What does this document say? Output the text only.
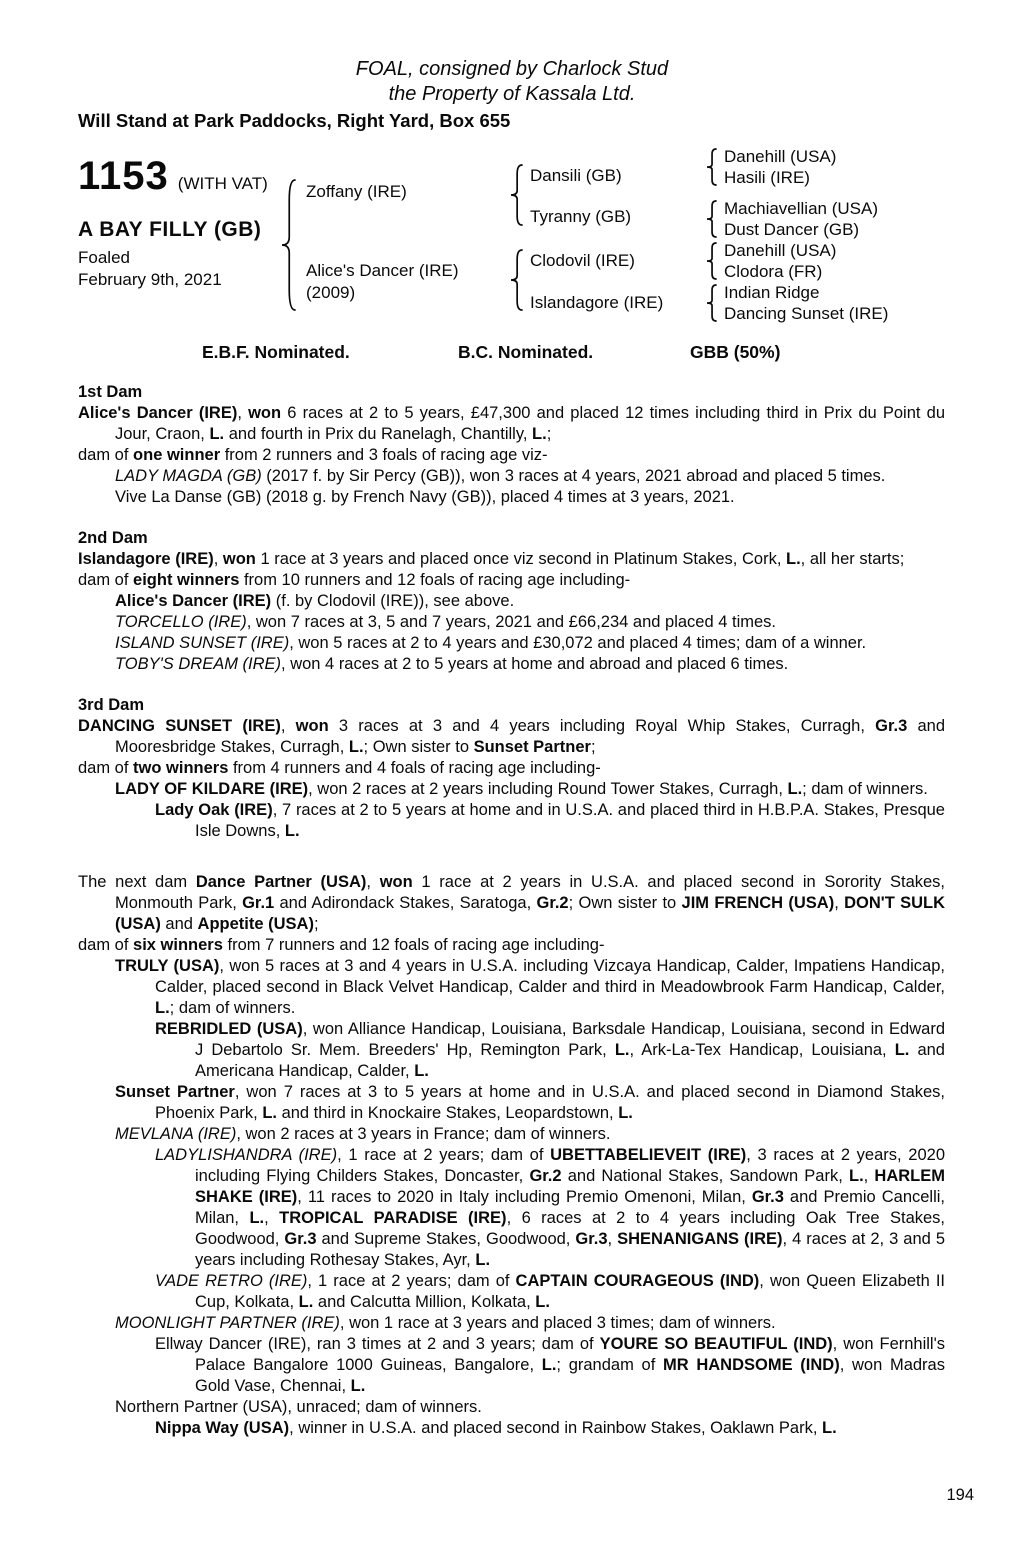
FOAL, consigned by Charlock Stud
the Property of Kassala Ltd.
Will Stand at Park Paddocks, Right Yard, Box 655
1153 (WITH VAT)
A BAY FILLY (GB)
Foaled
February 9th, 2021
Zoffany (IRE)
Alice's Dancer (IRE)
(2009)
Dansili (GB)
Tyranny (GB)
Clodovil (IRE)
Islandagore (IRE)
Danehill (USA)
Hasili (IRE)
Machiavellian (USA)
Dust Dancer (GB)
Danehill (USA)
Clodora (FR)
Indian Ridge
Dancing Sunset (IRE)
E.B.F. Nominated.	B.C. Nominated.	GBB (50%)
1st Dam
Alice's Dancer (IRE), won 6 races at 2 to 5 years, £47,300 and placed 12 times including third in Prix du Point du Jour, Craon, L. and fourth in Prix du Ranelagh, Chantilly, L.;
dam of one winner from 2 runners and 3 foals of racing age viz-
LADY MAGDA (GB) (2017 f. by Sir Percy (GB)), won 3 races at 4 years, 2021 abroad and placed 5 times.
Vive La Danse (GB) (2018 g. by French Navy (GB)), placed 4 times at 3 years, 2021.
2nd Dam
Islandagore (IRE), won 1 race at 3 years and placed once viz second in Platinum Stakes, Cork, L., all her starts;
dam of eight winners from 10 runners and 12 foals of racing age including-
Alice's Dancer (IRE) (f. by Clodovil (IRE)), see above.
TORCELLO (IRE), won 7 races at 3, 5 and 7 years, 2021 and £66,234 and placed 4 times.
ISLAND SUNSET (IRE), won 5 races at 2 to 4 years and £30,072 and placed 4 times; dam of a winner.
TOBY'S DREAM (IRE), won 4 races at 2 to 5 years at home and abroad and placed 6 times.
3rd Dam
DANCING SUNSET (IRE), won 3 races at 3 and 4 years including Royal Whip Stakes, Curragh, Gr.3 and Mooresbridge Stakes, Curragh, L.; Own sister to Sunset Partner;
dam of two winners from 4 runners and 4 foals of racing age including-
LADY OF KILDARE (IRE), won 2 races at 2 years including Round Tower Stakes, Curragh, L.; dam of winners.
Lady Oak (IRE), 7 races at 2 to 5 years at home and in U.S.A. and placed third in H.B.P.A. Stakes, Presque Isle Downs, L.
The next dam Dance Partner (USA), won 1 race at 2 years in U.S.A. and placed second in Sorority Stakes, Monmouth Park, Gr.1 and Adirondack Stakes, Saratoga, Gr.2; Own sister to JIM FRENCH (USA), DON'T SULK (USA) and Appetite (USA);
dam of six winners from 7 runners and 12 foals of racing age including-
TRULY (USA), won 5 races at 3 and 4 years in U.S.A. including Vizcaya Handicap, Calder, Impatiens Handicap, Calder, placed second in Black Velvet Handicap, Calder and third in Meadowbrook Farm Handicap, Calder, L.; dam of winners.
REBRIDLED (USA), won Alliance Handicap, Louisiana, Barksdale Handicap, Louisiana, second in Edward J Debartolo Sr. Mem. Breeders' Hp, Remington Park, L., Ark-La-Tex Handicap, Louisiana, L. and Americana Handicap, Calder, L.
Sunset Partner, won 7 races at 3 to 5 years at home and in U.S.A. and placed second in Diamond Stakes, Phoenix Park, L. and third in Knockaire Stakes, Leopardstown, L.
MEVLANA (IRE), won 2 races at 3 years in France; dam of winners.
LADYLISHANDRA (IRE), 1 race at 2 years; dam of UBETTABELIEVEIT (IRE), 3 races at 2 years, 2020 including Flying Childers Stakes, Doncaster, Gr.2 and National Stakes, Sandown Park, L., HARLEM SHAKE (IRE), 11 races to 2020 in Italy including Premio Omenoni, Milan, Gr.3 and Premio Cancelli, Milan, L., TROPICAL PARADISE (IRE), 6 races at 2 to 4 years including Oak Tree Stakes, Goodwood, Gr.3 and Supreme Stakes, Goodwood, Gr.3, SHENANIGANS (IRE), 4 races at 2, 3 and 5 years including Rothesay Stakes, Ayr, L.
VADE RETRO (IRE), 1 race at 2 years; dam of CAPTAIN COURAGEOUS (IND), won Queen Elizabeth II Cup, Kolkata, L. and Calcutta Million, Kolkata, L.
MOONLIGHT PARTNER (IRE), won 1 race at 3 years and placed 3 times; dam of winners.
Ellway Dancer (IRE), ran 3 times at 2 and 3 years; dam of YOURE SO BEAUTIFUL (IND), won Fernhill's Palace Bangalore 1000 Guineas, Bangalore, L.; grandam of MR HANDSOME (IND), won Madras Gold Vase, Chennai, L.
Northern Partner (USA), unraced; dam of winners.
Nippa Way (USA), winner in U.S.A. and placed second in Rainbow Stakes, Oaklawn Park, L.
194
